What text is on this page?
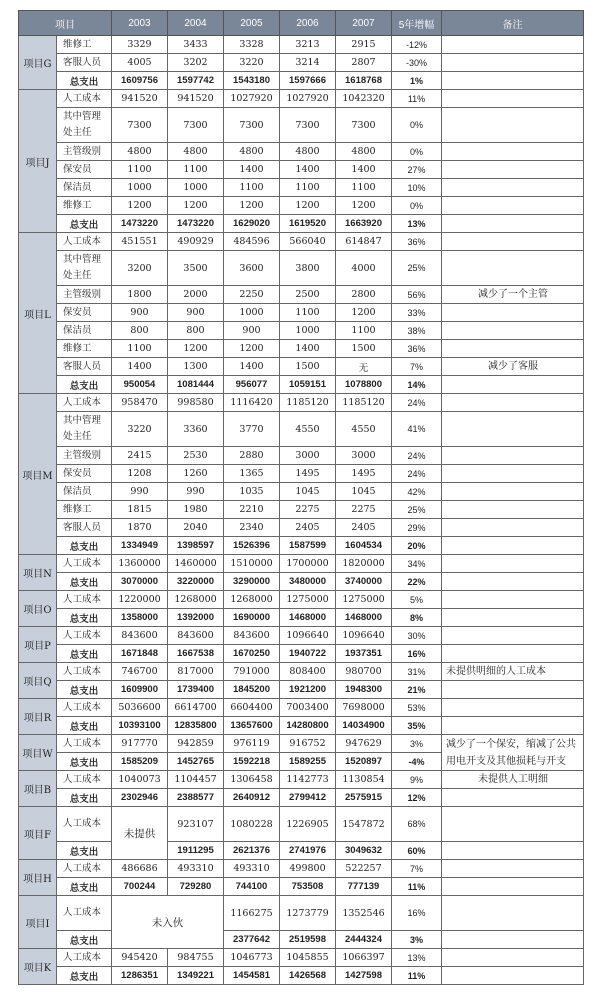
项目		2003	2004	2005	2006	2007	5年增幅	备注
项目G	维修工	3329	3433	3328	3213	2915	-12%	
	客服人员	4005	3202	3220	3214	2807	-30%	
	总支出	1609756	1597742	1543180	1597666	1618768	1%	
项目J	人工成本	941520	941520	1027920	1027920	1042320	11%	
	其中管理处主任	7300	7300	7300	7300	7300	0%	
	主管级别	4800	4800	4800	4800	4800	0%	
	保安员	1100	1100	1400	1400	1400	27%	
	保洁员	1000	1000	1100	1100	1100	10%	
	维修工	1200	1200	1200	1200	1200	0%	
	总支出	1473220	1473220	1629020	1619520	1663920	13%	
项目L	人工成本	451551	490929	484596	566040	614847	36%	
	其中管理处主任	3200	3500	3600	3800	4000	25%	
	主管级别	1800	2000	2250	2500	2800	56%	减少了一个主管
	保安员	900	900	1000	1100	1200	33%	
	保洁员	800	800	900	1000	1100	38%	
	维修工	1100	1200	1200	1400	1500	36%	
	客服人员	1400	1300	1400	1500	无	7%	减少了客服
	总支出	950054	1081444	956077	1059151	1078800	14%	
项目M	人工成本	958470	998580	1116420	1185120	1185120	24%	
	其中管理处主任	3220	3360	3770	4550	4550	41%	
	主管级别	2415	2530	2880	3000	3000	24%	
	保安员	1208	1260	1365	1495	1495	24%	
	保洁员	990	990	1035	1045	1045	42%	
	维修工	1815	1980	2210	2275	2275	25%	
	客服人员	1870	2040	2340	2405	2405	29%	
	总支出	1334949	1398597	1526396	1587599	1604534	20%	
项目N	人工成本	1360000	1460000	1510000	1700000	1820000	34%	
	总支出	3070000	3220000	3290000	3480000	3740000	22%	
项目O	人工成本	1220000	1268000	1268000	1275000	1275000	5%	
	总支出	1358000	1392000	1690000	1468000	1468000	8%	
项目P	人工成本	843600	843600	843600	1096640	1096640	30%	
	总支出	1671848	1667538	1670250	1940722	1937351	16%	
项目Q	人工成本	746700	817000	791000	808400	980700	31%	未提供明细的人工成本
	总支出	1609900	1739400	1845200	1921200	1948300	21%	
项目R	人工成本	5036600	6614700	6604400	7003400	7698000	53%	
	总支出	10393100	12835800	13657600	14280800	14034900	35%	
项目W	人工成本	917770	942859	976119	916752	947629	3%	减少了一个保安，缩减了公共用电开支及其他损耗与开支
	总支出	1585209	1452765	1592218	1589255	1520897	-4%	
项目B	人工成本	1040073	1104457	1306458	1142773	1130854	9%	未提供人工明细
	总支出	2302946	2388577	2640912	2799412	2575915	12%	
项目F	人工成本	未提供	923107	1080228	1226905	1547872	68%	
	总支出		1911295	2621376	2741976	3049632	60%	
项目H	人工成本	486686	493310	493310	499800	522257	7%	
	总支出	700244	729280	744100	753508	777139	11%	
项目I	人工成本	未入伙		1166275	1273779	1352546	16%	
	总支出			2377642	2519598	2444324	3%	
项目K	人工成本	945420	984755	1046773	1045855	1066397	13%	
	总支出	1286351	1349221	1454581	1426568	1427598	11%	
